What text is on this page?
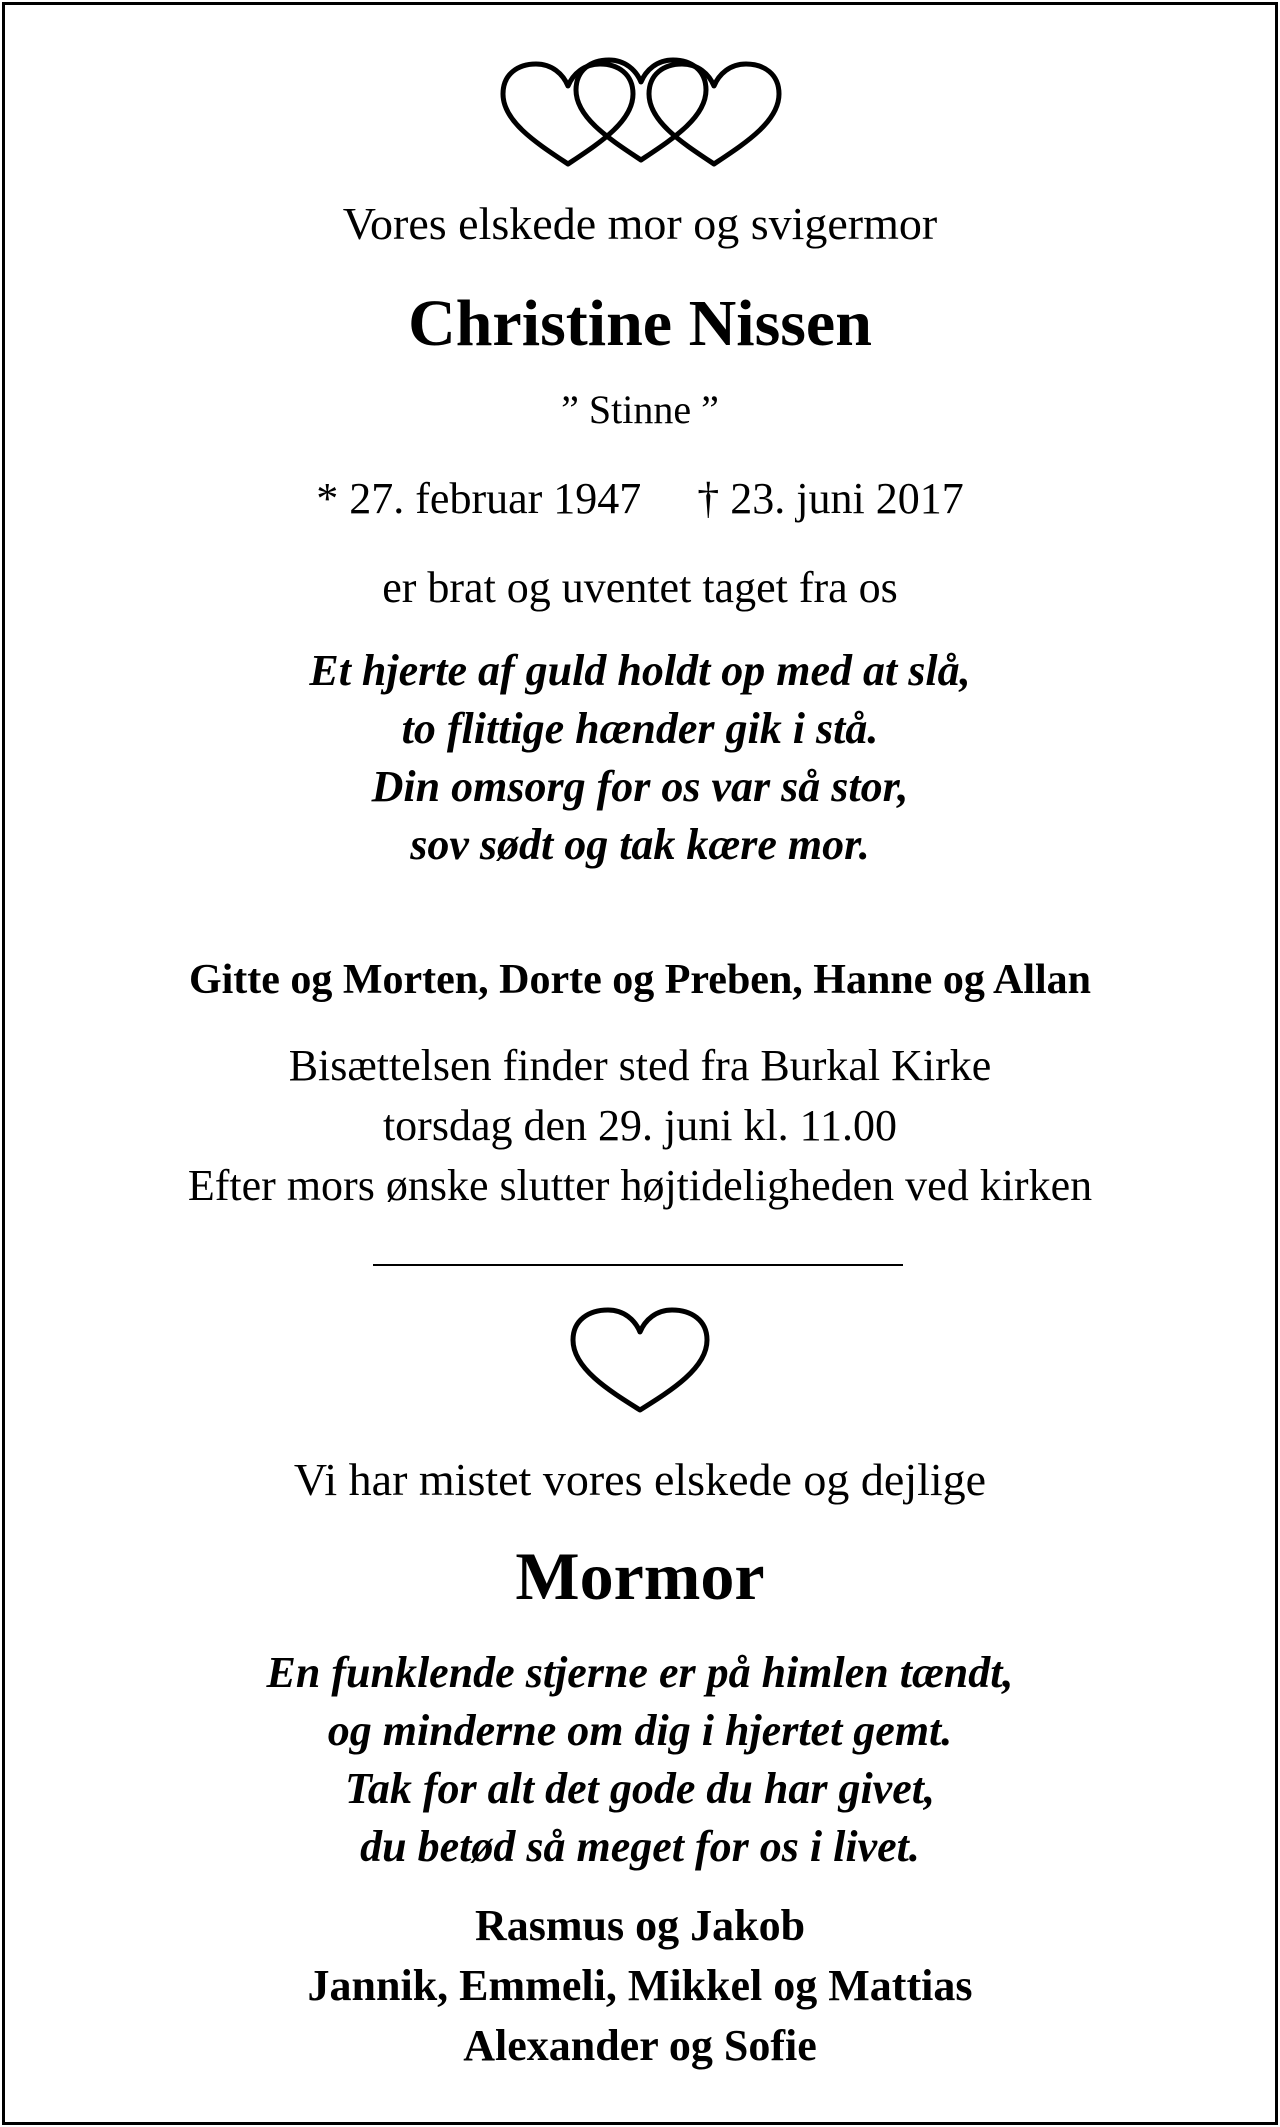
Vores elskede mor og svigermor
Christine Nissen
” Stinne ”
* 27. februar 1947 † 23. juni 2017
er brat og uventet taget fra os
Et hjerte af guld holdt op med at slå,
to flittige hænder gik i stå.
Din omsorg for os var så stor,
sov sødt og tak kære mor.
Gitte og Morten, Dorte og Preben, Hanne og Allan
Bisættelsen finder sted fra Burkal Kirke
torsdag den 29. juni kl. 11.00
Efter mors ønske slutter højtideligheden ved kirken
Vi har mistet vores elskede og dejlige
Mormor
En funklende stjerne er på himlen tændt,
og minderne om dig i hjertet gemt.
Tak for alt det gode du har givet,
du betød så meget for os i livet.
Rasmus og Jakob
Jannik, Emmeli, Mikkel og Mattias
Alexander og Sofie
